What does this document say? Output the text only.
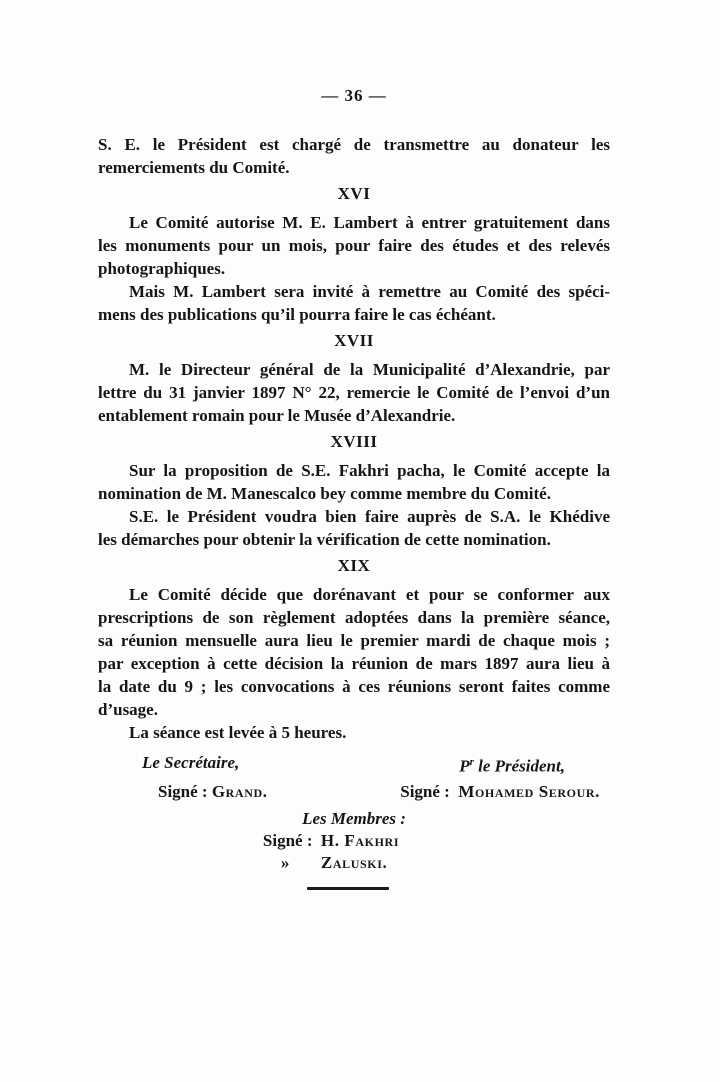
— 36 —
S. E. le Président est chargé de transmettre au donateur les
remerciements du Comité.
XVI
Le Comité autorise M. E. Lambert à entrer gratuitement dans
les monuments pour un mois, pour faire des études et des relevés
photographiques.
Mais M. Lambert sera invité à remettre au Comité des spéci-
mens des publications qu’il pourra faire le cas échéant.
XVII
M. le Directeur général de la Municipalité d’Alexandrie, par
lettre du 31 janvier 1897 N° 22, remercie le Comité de l’envoi d’un
entablement romain pour le Musée d’Alexandrie.
XVIII
Sur la proposition de S.E. Fakhri pacha, le Comité accepte la
nomination de M. Manescalco bey comme membre du Comité.
S.E. le Président voudra bien faire auprès de S.A. le Khédive
les démarches pour obtenir la vérification de cette nomination.
XIX
Le Comité décide que dorénavant et pour se conformer aux
prescriptions de son règlement adoptées dans la première séance,
sa réunion mensuelle aura lieu le premier mardi de chaque mois ;
par exception à cette décision la réunion de mars 1897 aura lieu à
la date du 9 ; les convocations à ces réunions seront faites comme
d’usage.
La séance est levée à 5 heures.
Le Secrétaire,	$P^r$ le Président,
Signé : Grand.	Signé : Mohamed Serour.
Les Membres :
Signé : H. Fakhri
»	Zaluski.
